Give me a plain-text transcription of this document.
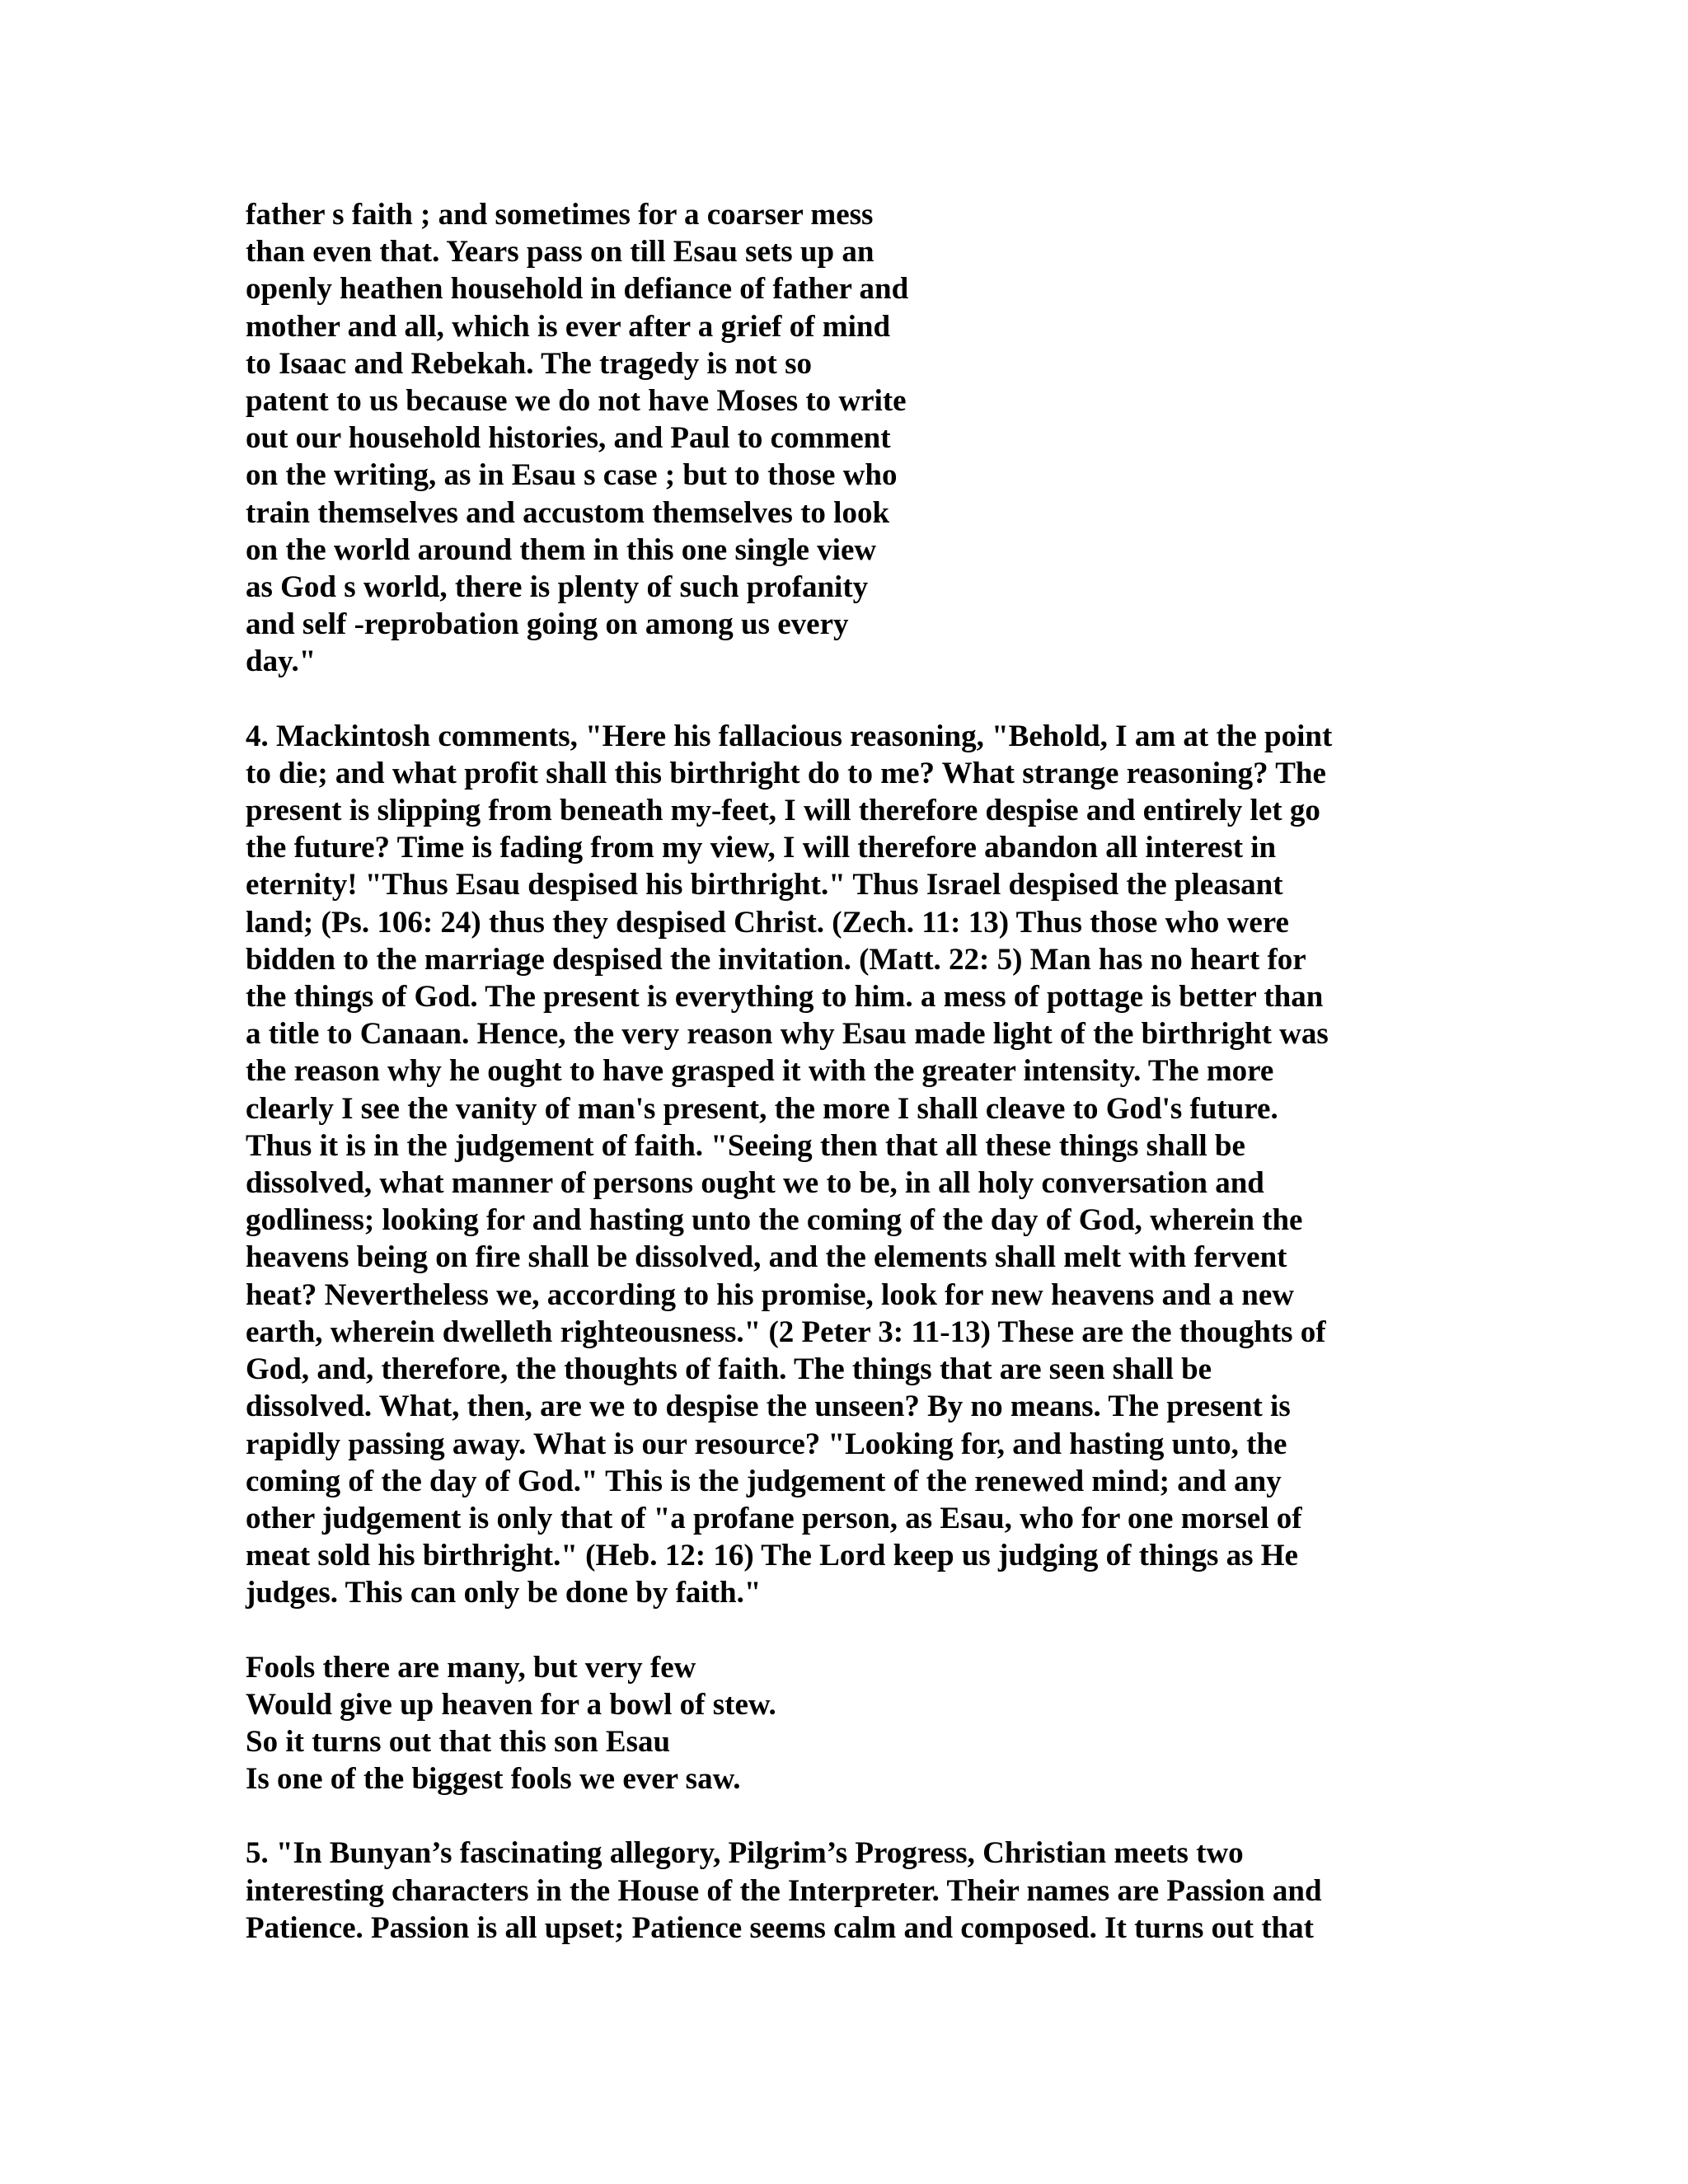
father s faith ; and sometimes for a coarser mess
than even that. Years pass on till Esau sets up an
openly heathen household in defiance of father and
mother and all, which is ever after a grief of mind
to Isaac and Rebekah. The tragedy is not so
patent to us because we do not have Moses to write
out our household histories, and Paul to comment
on the writing, as in Esau s case ; but to those who
train themselves and accustom themselves to look
on the world around them in this one single view
as God s world, there is plenty of such profanity
and self -reprobation going on among us every
day."
4. Mackintosh comments, "Here his fallacious reasoning, "Behold, I am at the point
to die; and what profit shall this birthright do to me? What strange reasoning? The
present is slipping from beneath my-feet, I will therefore despise and entirely let go
the future? Time is fading from my view, I will therefore abandon all interest in
eternity! "Thus Esau despised his birthright." Thus Israel despised the pleasant
land; (Ps. 106: 24) thus they despised Christ. (Zech. 11: 13) Thus those who were
bidden to the marriage despised the invitation. (Matt. 22: 5) Man has no heart for
the things of God. The present is everything to him. a mess of pottage is better than
a title to Canaan. Hence, the very reason why Esau made light of the birthright was
the reason why he ought to have grasped it with the greater intensity. The more
clearly I see the vanity of man's present, the more I shall cleave to God's future.
Thus it is in the judgement of faith. "Seeing then that all these things shall be
dissolved, what manner of persons ought we to be, in all holy conversation and
godliness; looking for and hasting unto the coming of the day of God, wherein the
heavens being on fire shall be dissolved, and the elements shall melt with fervent
heat? Nevertheless we, according to his promise, look for new heavens and a new
earth, wherein dwelleth righteousness." (2 Peter 3: 11-13) These are the thoughts of
God, and, therefore, the thoughts of faith. The things that are seen shall be
dissolved. What, then, are we to despise the unseen? By no means. The present is
rapidly passing away. What is our resource? "Looking for, and hasting unto, the
coming of the day of God." This is the judgement of the renewed mind; and any
other judgement is only that of "a profane person, as Esau, who for one morsel of
meat sold his birthright." (Heb. 12: 16) The Lord keep us judging of things as He
judges. This can only be done by faith."
Fools there are many, but very few
Would give up heaven for a bowl of stew.
So it turns out that this son Esau
Is one of the biggest fools we ever saw.
5. "In Bunyan’s fascinating allegory, Pilgrim’s Progress, Christian meets two
interesting characters in the House of the Interpreter. Their names are Passion and
Patience. Passion is all upset; Patience seems calm and composed. It turns out that
